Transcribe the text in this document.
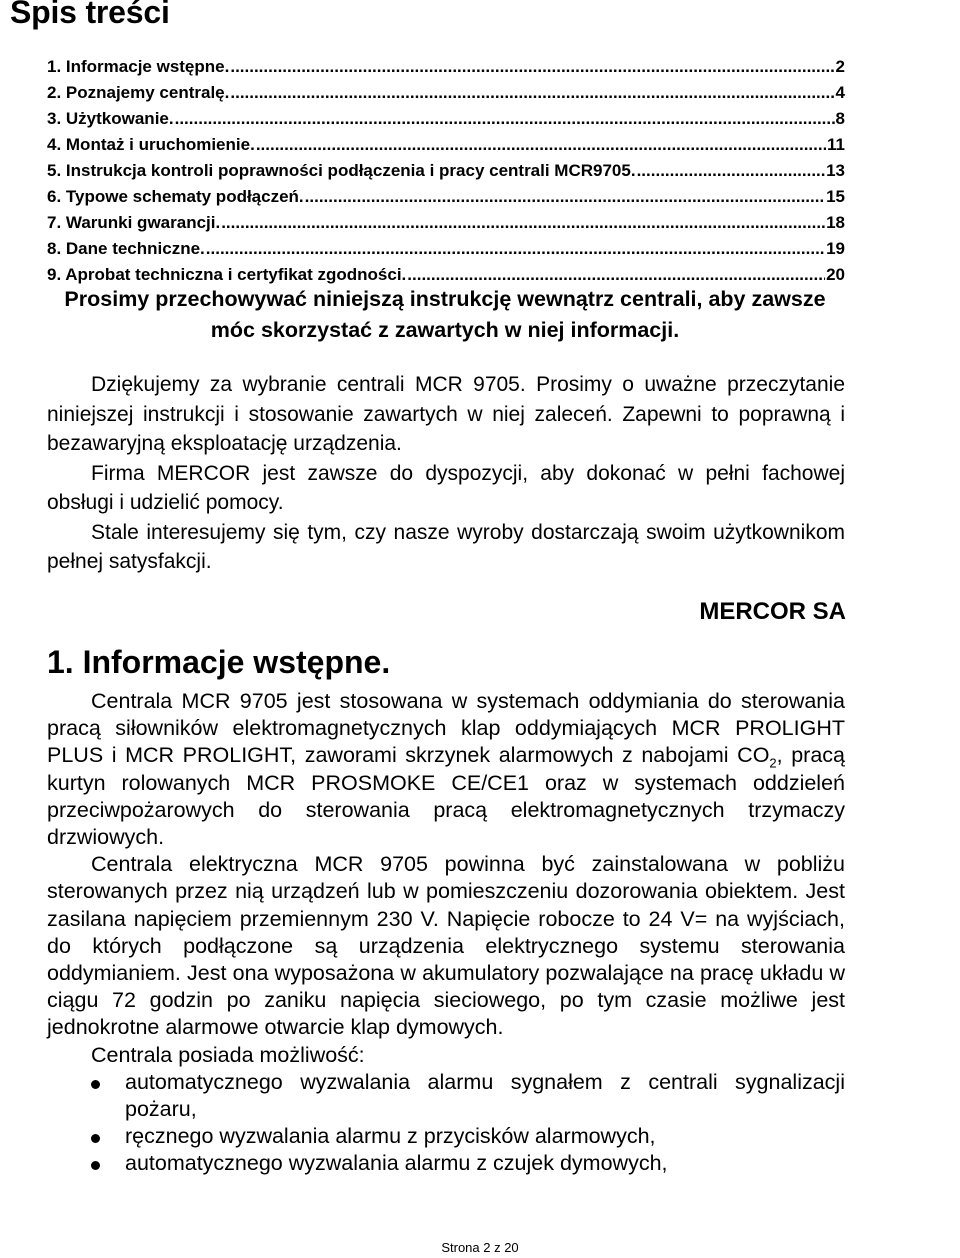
Spis treści
1. Informacje wstępne. .....	2
2. Poznajemy centralę. .....	4
3. Użytkowanie. .....	8
4. Montaż i uruchomienie. .....	11
5. Instrukcja kontroli poprawności podłączenia i pracy centrali MCR9705. .....	13
6. Typowe schematy podłączeń. .....	15
7. Warunki gwarancji. .....	18
8. Dane techniczne. .....	19
9. Aprobat techniczna i certyfikat zgodności. .....	20
Prosimy przechowywać niniejszą instrukcję wewnątrz centrali, aby zawsze móc skorzystać z zawartych w niej informacji.

Dziękujemy za wybranie centrali MCR 9705. Prosimy o uważne przeczytanie niniejszej instrukcji i stosowanie zawartych w niej zaleceń. Zapewni to poprawną i bezawaryjną eksploatację urządzenia.

Firma MERCOR jest zawsze do dyspozycji, aby dokonać w pełni fachowej obsługi i udzielić pomocy.

Stale interesujemy się tym, czy nasze wyroby dostarczają swoim użytkownikom pełnej satysfakcji.

MERCOR SA
1. Informacje wstępne.

Centrala MCR 9705 jest stosowana w systemach oddymiania do sterowania pracą siłowników elektromagnetycznych klap oddymiających MCR PROLIGHT PLUS i MCR PROLIGHT, zaworami skrzynek alarmowych z nabojami $CO_2$, pracą kurtyn rolowanych MCR PROSMOKE CE/CE1 oraz w systemach oddzieleń przeciwpożarowych do sterowania pracą elektromagnetycznych trzymaczy drzwiowych.

Centrala elektryczna MCR 9705 powinna być zainstalowana w pobliżu sterowanych przez nią urządzeń lub w pomieszczeniu dozorowania obiektem. Jest zasilana napięciem przemiennym 230 V. Napięcie robocze to 24 V= na wyjściach, do których podłączone są urządzenia elektrycznego systemu sterowania oddymianiem. Jest ona wyposażona w akumulatory pozwalające na pracę układu w ciągu 72 godzin po zaniku napięcia sieciowego, po tym czasie możliwe jest jednokrotne alarmowe otwarcie klap dymowych.

Centrala posiada możliwość:

automatycznego wyzwalania alarmu sygnałem z centrali sygnalizacji pożaru,
ręcznego wyzwalania alarmu z przycisków alarmowych,
automatycznego wyzwalania alarmu z czujek dymowych,
Strona 2 z 20
